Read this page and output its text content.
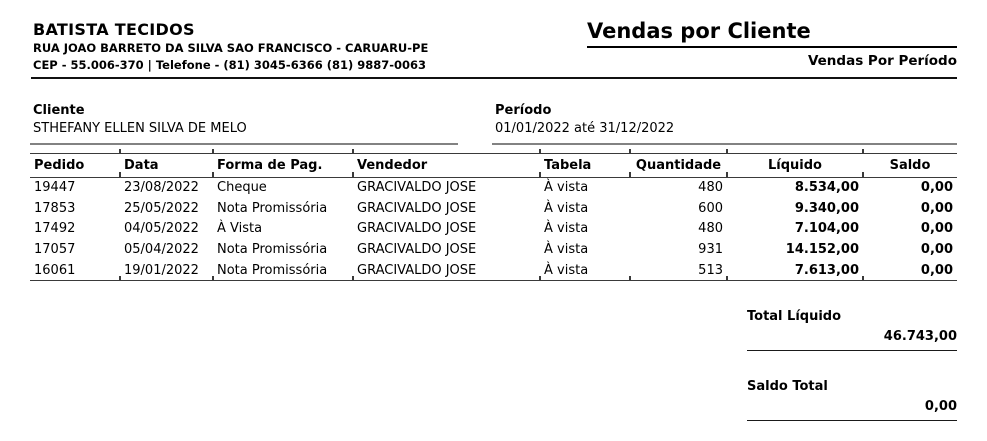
BATISTA TECIDOS
RUA JOAO BARRETO DA SILVA SAO FRANCISCO - CARUARU-PE
CEP - 55.006-370 | Telefone - (81) 3045-6366 (81) 9887-0063
Vendas por Cliente
Vendas Por Período
Cliente
STHEFANY ELLEN SILVA DE MELO
Período
01/01/2022 até 31/12/2022
Pedido	Data	Forma de Pag.	Vendedor	Tabela	Quantidade	Líquido	Saldo
19447	23/08/2022	Cheque	GRACIVALDO JOSE	À vista	480	8.534,00	0,00
17853	25/05/2022	Nota Promissória	GRACIVALDO JOSE	À vista	600	9.340,00	0,00
17492	04/05/2022	À Vista	GRACIVALDO JOSE	À vista	480	7.104,00	0,00
17057	05/04/2022	Nota Promissória	GRACIVALDO JOSE	À vista	931	14.152,00	0,00
16061	19/01/2022	Nota Promissória	GRACIVALDO JOSE	À vista	513	7.613,00	0,00
Total Líquido
46.743,00
Saldo Total
0,00
